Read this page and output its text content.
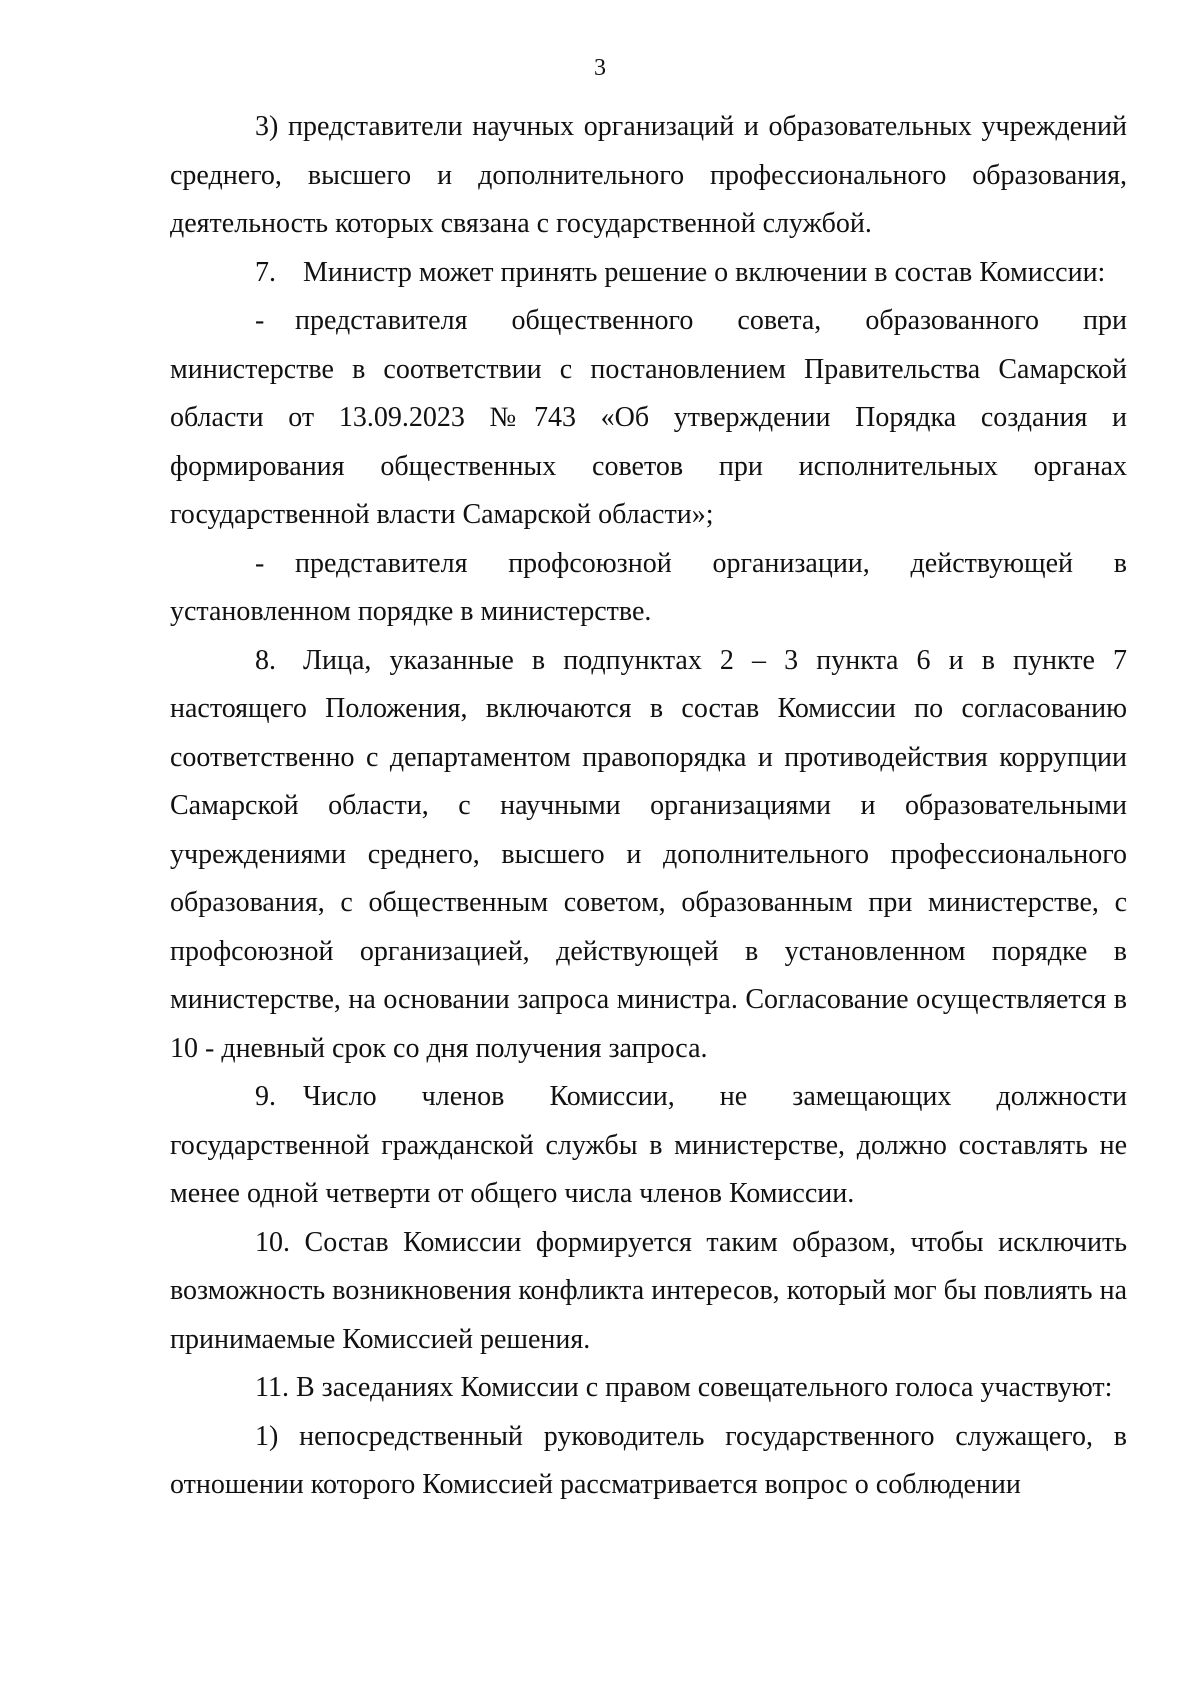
3

3) представители научных организаций и образовательных учреждений среднего, высшего и дополнительного профессионального образования, деятельность которых связана с государственной службой.

7. Министр может принять решение о включении в состав Комиссии:

- представителя общественного совета, образованного при министерстве в соответствии с постановлением Правительства Самарской области от 13.09.2023 №743 «Об утверждении Порядка создания и формирования общественных советов при исполнительных органах государственной власти Самарской области»;

- представителя профсоюзной организации, действующей в установленном порядке в министерстве.

8. Лица, указанные в подпунктах 2 – 3 пункта 6 и в пункте 7 настоящего Положения, включаются в состав Комиссии по согласованию соответственно с департаментом правопорядка и противодействия коррупции Самарской области, с научными организациями и образовательными учреждениями среднего, высшего и дополнительного профессионального образования, с общественным советом, образованным при министерстве, с профсоюзной организацией, действующей в установленном порядке в министерстве, на основании запроса министра. Согласование осуществляется в 10 - дневный срок со дня получения запроса.

9. Число членов Комиссии, не замещающих должности государственной гражданской службы в министерстве, должно составлять не менее одной четверти от общего числа членов Комиссии.

10. Состав Комиссии формируется таким образом, чтобы исключить возможность возникновения конфликта интересов, который мог бы повлиять на принимаемые Комиссией решения.

11. В заседаниях Комиссии с правом совещательного голоса участвуют:

1) непосредственный руководитель государственного служащего, в отношении которого Комиссией рассматривается вопрос о соблюдении
